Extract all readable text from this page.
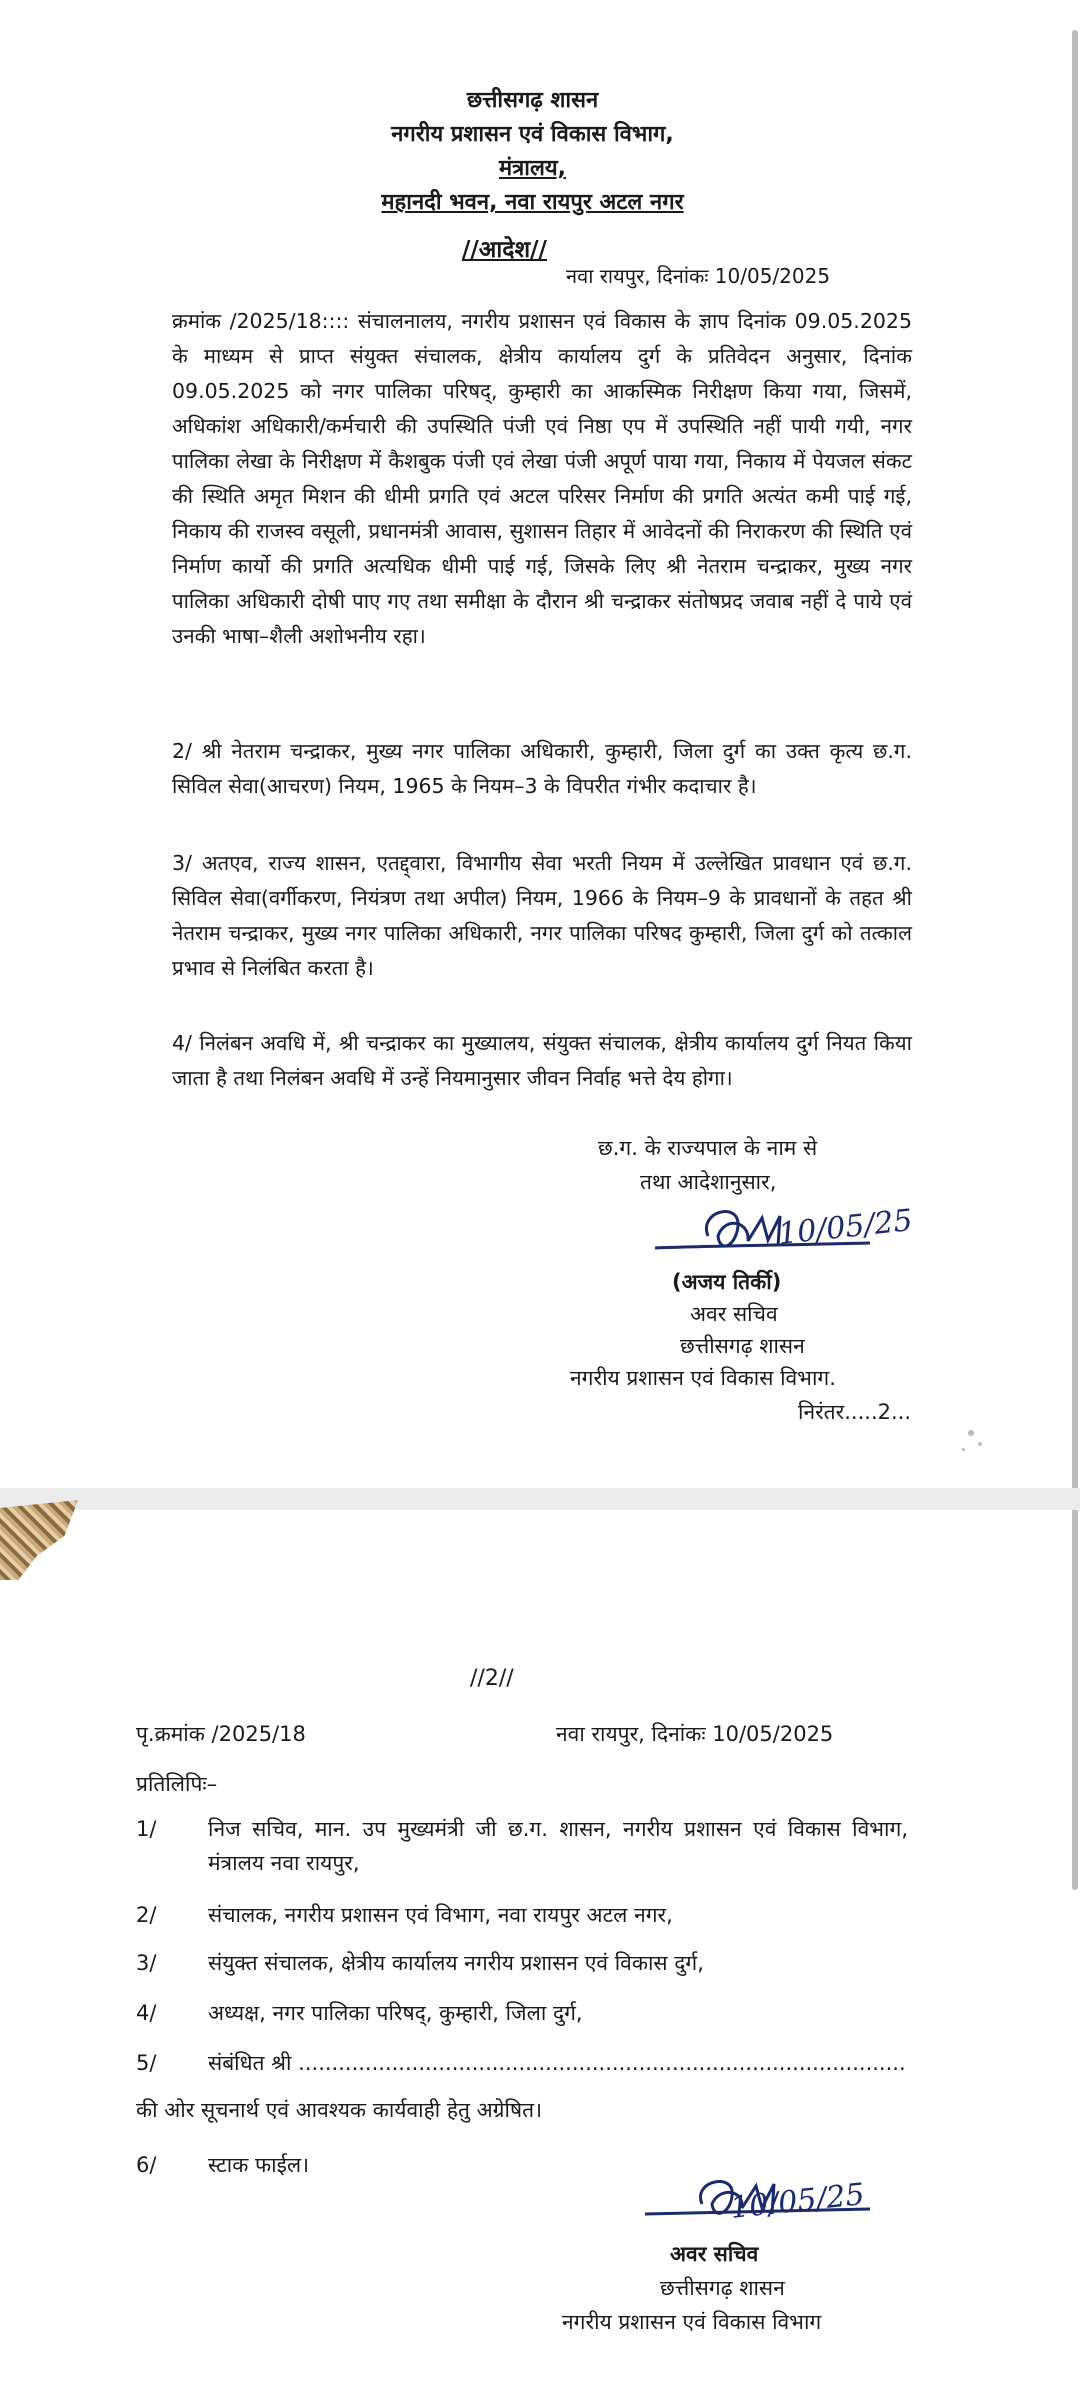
छत्तीसगढ़ शासन
नगरीय प्रशासन एवं विकास विभाग,
मंत्रालय,
महानदी भवन, नवा रायपुर अटल नगर
//आदेश//
नवा रायपुर, दिनांकः 10/05/2025
क्रमांक /2025/18:::: संचालनालय, नगरीय प्रशासन एवं विकास के ज्ञाप दिनांक 09.05.2025 के माध्यम से प्राप्त संयुक्त संचालक, क्षेत्रीय कार्यालय दुर्ग के प्रतिवेदन अनुसार, दिनांक 09.05.2025 को नगर पालिका परिषद्, कुम्हारी का आकस्मिक निरीक्षण किया गया, जिसमें, अधिकांश अधिकारी/कर्मचारी की उपस्थिति पंजी एवं निष्ठा एप में उपस्थिति नहीं पायी गयी, नगर पालिका लेखा के निरीक्षण में कैशबुक पंजी एवं लेखा पंजी अपूर्ण पाया गया, निकाय में पेयजल संकट की स्थिति अमृत मिशन की धीमी प्रगति एवं अटल परिसर निर्माण की प्रगति अत्यंत कमी पाई गई, निकाय की राजस्व वसूली, प्रधानमंत्री आवास, सुशासन तिहार में आवेदनों की निराकरण की स्थिति एवं निर्माण कार्यो की प्रगति अत्यधिक धीमी पाई गई, जिसके लिए श्री नेतराम चन्द्राकर, मुख्य नगर पालिका अधिकारी दोषी पाए गए तथा समीक्षा के दौरान श्री चन्द्राकर संतोषप्रद जवाब नहीं दे पाये एवं उनकी भाषा–शैली अशोभनीय रहा।
2/ श्री नेतराम चन्द्राकर, मुख्य नगर पालिका अधिकारी, कुम्हारी, जिला दुर्ग का उक्त कृत्य छ.ग. सिविल सेवा(आचरण) नियम, 1965 के नियम–3 के विपरीत गंभीर कदाचार है।
3/ अतएव, राज्य शासन, एतद्द्वारा, विभागीय सेवा भरती नियम में उल्लेखित प्रावधान एवं छ.ग. सिविल सेवा(वर्गीकरण, नियंत्रण तथा अपील) नियम, 1966 के नियम–9 के प्रावधानों के तहत श्री नेतराम चन्द्राकर, मुख्य नगर पालिका अधिकारी, नगर पालिका परिषद कुम्हारी, जिला दुर्ग को तत्काल प्रभाव से निलंबित करता है।
4/ निलंबन अवधि में, श्री चन्द्राकर का मुख्यालय, संयुक्त संचालक, क्षेत्रीय कार्यालय दुर्ग नियत किया जाता है तथा निलंबन अवधि में उन्हें नियमानुसार जीवन निर्वाह भत्ते देय होगा।
छ.ग. के राज्यपाल के नाम से
तथा आदेशानुसार,
10/05/25
(अजय तिर्की)
अवर सचिव
छत्तीसगढ़ शासन
नगरीय प्रशासन एवं विकास विभाग.
निरंतर.....2...
//2//
पृ.क्रमांक /2025/18	नवा रायपुर, दिनांकः 10/05/2025
प्रतिलिपिः–
1/ निज सचिव, मान. उप मुख्यमंत्री जी छ.ग. शासन, नगरीय प्रशासन एवं विकास विभाग, मंत्रालय नवा रायपुर,
2/ संचालक, नगरीय प्रशासन एवं विभाग, नवा रायपुर अटल नगर,
3/ संयुक्त संचालक, क्षेत्रीय कार्यालय नगरीय प्रशासन एवं विकास दुर्ग,
4/ अध्यक्ष, नगर पालिका परिषद्, कुम्हारी, जिला दुर्ग,
5/ संबंधित श्री ...........................................................................................
की ओर सूचनार्थ एवं आवश्यक कार्यवाही हेतु अग्रेषित।
6/ स्टाक फाईल।
10/05/25
अवर सचिव
छत्तीसगढ़ शासन
नगरीय प्रशासन एवं विकास विभाग
